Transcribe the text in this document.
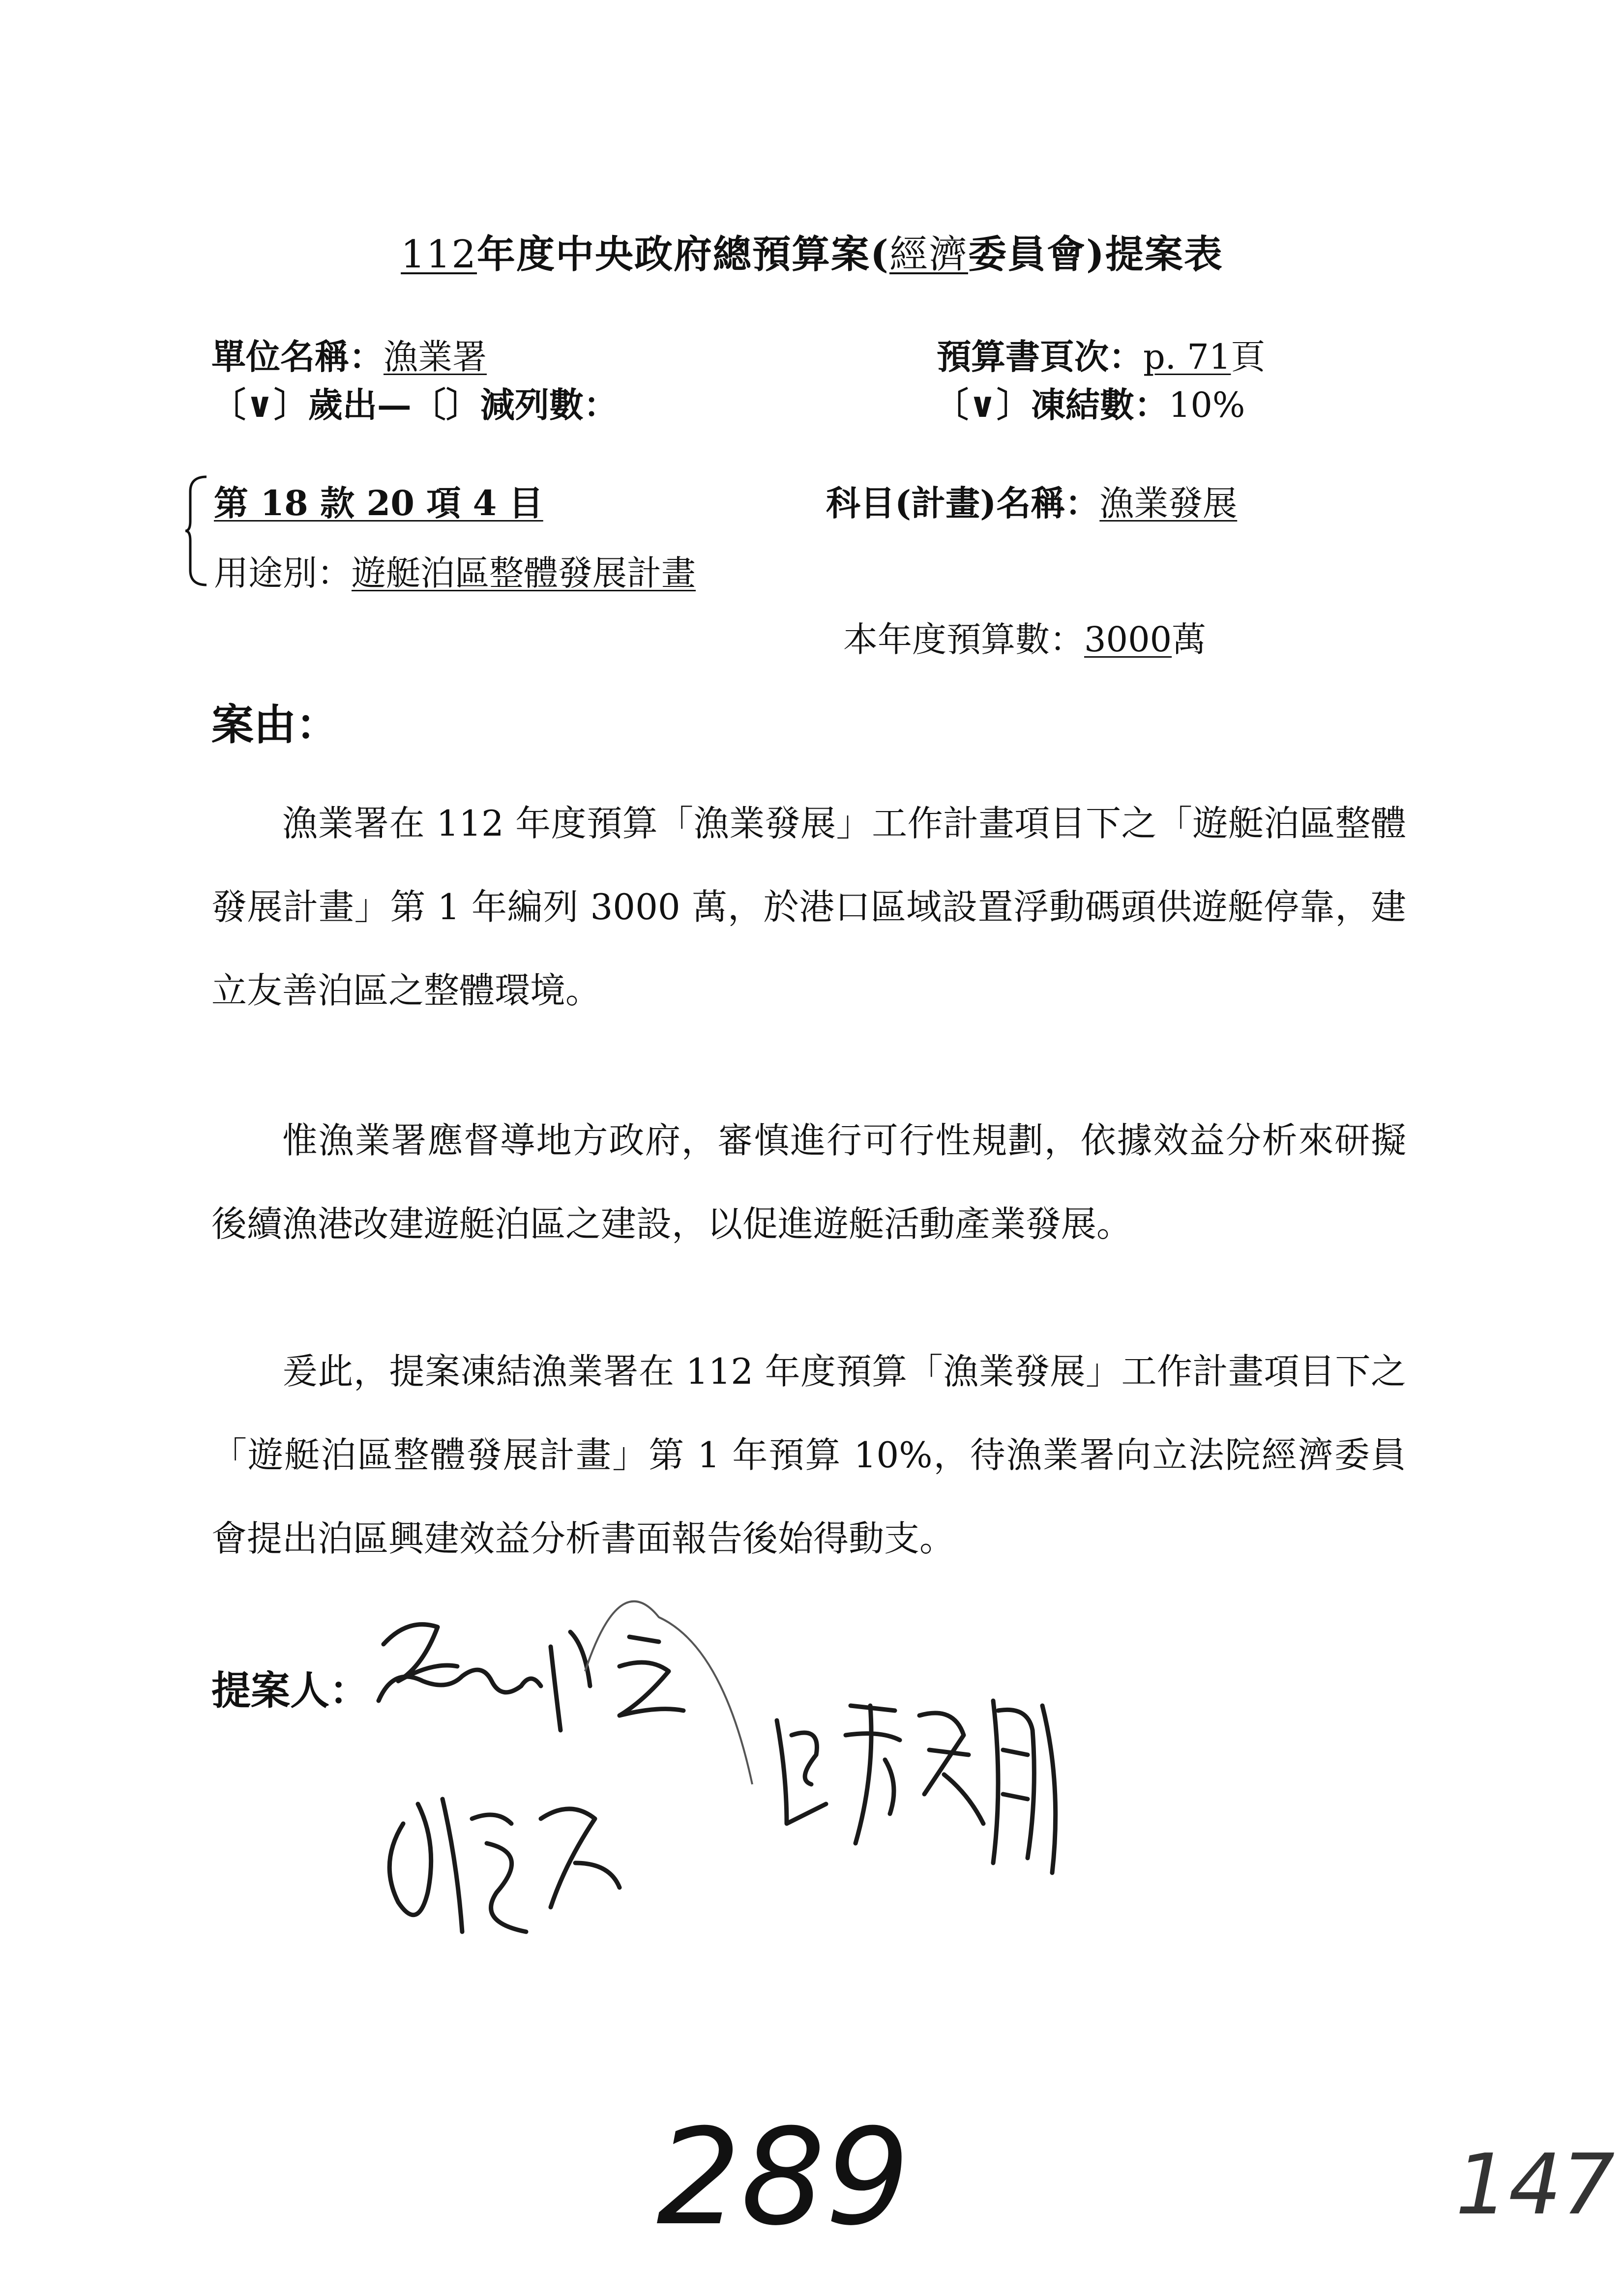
112年度中央政府總預算案(經濟委員會)提案表
單位名稱：漁業署	預算書頁次：p. 71頁
〔∨〕歲出—〔〕減列數：	〔∨〕凍結數：10%
第 18 款 20 項 4 目	科目(計畫)名稱：漁業發展
用途別：遊艇泊區整體發展計畫
本年度預算數：3000萬
案由：
漁業署在 112 年度預算「漁業發展」工作計畫項目下之「遊艇泊區整體發展計畫」第 1 年編列 3000 萬，於港口區域設置浮動碼頭供遊艇停靠，建立友善泊區之整體環境。
惟漁業署應督導地方政府，審慎進行可行性規劃，依據效益分析來研擬後續漁港改建遊艇泊區之建設，以促進遊艇活動產業發展。
爰此，提案凍結漁業署在 112 年度預算「漁業發展」工作計畫項目下之「遊艇泊區整體發展計畫」第 1 年預算 10%，待漁業署向立法院經濟委員會提出泊區興建效益分析書面報告後始得動支。
提案人：
289	147
